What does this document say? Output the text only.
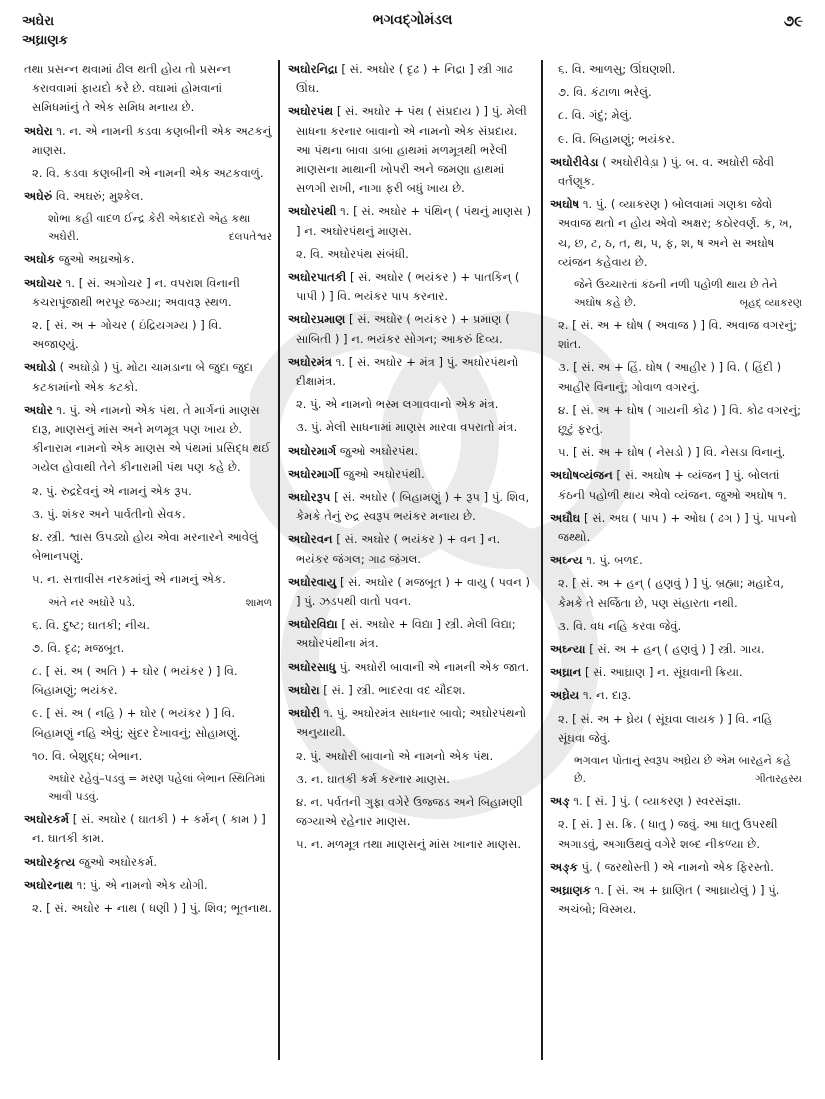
અઘેરા
અઘ્રાણક
ભગવદ્ગોમંડલ	૭૯
તથા પ્રસન્ન થવામાં ઢીલ થતી હોય તો પ્રસન્ન કરાવવામાં ફાયદો કરે છે. વઘામાં હોમવાનાં સમિધમાંનું તે એક સમિધ મનાય છે.
અઘેરા ૧. ન. એ નામની કડવા કણબીની એક અટકનું માણસ.
૨. વિ. કડવા કણબીની એ નામની એક અટકવાળું.
અઘેરું વિ. અઘરું; મુશ્કેલ.
શોભા કહી વાદળ ઈન્દ્ર કેરી એકાદરો એહ કથા અઘેરી.	દલપતેશ્વર
અઘોક જુઓ અઘ્રઓક.
અઘોચર ૧. [ સં. અગોચર ] ન. વપરાશ વિનાની કચરાપૂંજાથી ભરપૂર જગ્યા; અવાવરૂ સ્થળ.
૨. [ સં. અ + ગોચર ( ઇંદ્રિયગમ્ય ) ] વિ. અજાણ્યું.
અઘોડો ( અઘોડ઼ો ) પું. મોટા ચામડાના બે જુદા જુદા કટકામાંનો એક કટકો.
અઘોર ૧. પું. એ નામનો એક પંથ. તે માર્ગનાં માણસ દારૂ, માણસનું માંસ અને મળમૂત્ર પણ ખાય છે. કીનારામ નામનો એક માણસ એ પંથમાં પ્રસિદ્ધ થઈ ગયેલ હોવાથી તેને કીનારામી પંથ પણ કહે છે.
૨. પું. રુદ્રદેવનું એ નામનું એક રૂપ.
૩. પું. શંકર અને પાર્વતીનો સેવક.
૪. સ્ત્રી. શ્વાસ ઉપડ્યો હોય એવા મરનારને આવેલું બેભાનપણું.
૫. ન. સત્તાવીસ નરકમાંનું એ નામનું એક.
અંતે નર અઘોરે પડે.	શામળ
૬. વિ. દુષ્ટ; ઘાતકી; નીચ.
૭. વિ. દૃઢ; મજબૂત.
૮. [ સં. અ ( અતિ ) + ઘોર ( ભયંકર ) ] વિ. બિહામણું; ભયંકર.
૯. [ સં. અ ( નહિ ) + ઘોર ( ભયંકર ) ] વિ. બિહામણું નહિ એવું; સુંદર દેખાવનું; સોહામણું.
૧૦. વિ. બેશુદ્ધ; બેભાન.
અઘોર રહેવું–પડવું = મરણ પહેલાં બેભાન સ્થિતિમાં આવી પડવું.
અઘોરકર્મ [ સં. અઘોર ( ઘાતકી ) + કર્મન્ ( કામ ) ] ન. ઘાતકી કામ.
અઘોરકૃત્ય જુઓ અઘોરકર્મ.
અઘોરનાથ ૧: પું. એ નામનો એક યોગી.
૨. [ સં. અઘોર + નાથ ( ધણી ) ] પું. શિવ; ભૂતનાથ.
અઘોરનિદ્રા [ સં. અઘોર ( દૃઢ ) + નિદ્રા ] સ્ત્રી ગાઢ ઊંઘ.
અઘોરપંથ [ સં. અઘોર + પંથ ( સંપ્રદાય ) ] પું. મેલી સાધના કરનાર બાવાનો એ નામનો એક સંપ્રદાય. આ પંથના બાવા ડાબા હાથમાં મળમૂત્રથી ભરેલી માણસના માથાની ખોપરી અને જમણા હાથમાં સળગી રાખી, નાગા ફરી બધું ખાય છે.
અઘોરપંથી ૧. [ સં. અઘોર + પંથિન્ ( પંથનું માણસ ) ] ન. અઘોરપંથનું માણસ.
૨. વિ. અઘોરપંથ સંબંધી.
અઘોરપાતકી [ સં. અઘોર ( ભયંકર ) + પાતકિન્ ( પાપી ) ] વિ. ભયંકર પાપ કરનાર.
અઘોરપ્રમાણ [ સં. અઘોર ( ભયંકર ) + પ્રમાણ ( સાબિતી ) ] ન. ભયંકર સોગન; આકરું દિવ્ય.
અઘોરમંત્ર ૧. [ સં. અઘોર + મંત્ર ] પું. અઘોરપંથનો દીક્ષામંત્ર.
૨. પું. એ નામનો ભસ્મ લગાવવાનો એક મંત્ર.
૩. પું. મેલી સાધનામાં માણસ મારવા વપરાતો મંત્ર.
અઘોરમાર્ગ જુઓ અઘોરપંથ.
અઘોરમાર્ગી જુઓ અઘોરપંથી.
અઘોરરૂપ [ સં. અઘોર ( બિહામણું ) + રૂપ ] પું. શિવ, કેમકે તેનું રુદ્ર સ્વરૂપ ભયંકર મનાય છે.
અઘોરવન [ સં. અઘોર ( ભયંકર ) + વન ] ન. ભયંકર જંગલ; ગાઢ જંગલ.
અઘોરવાયુ [ સં. અઘોર ( મજબૂત ) + વાયુ ( પવન ) ] પું. ઝડપથી વાતો પવન.
અઘોરવિદ્યા [ સં. અઘોર + વિદ્યા ] સ્ત્રી. મેલી વિદ્યા; અઘોરપંથીના મંત્ર.
અઘોરસાધુ પું. અઘોરી બાવાની એ નામની એક જાત.
અઘોરા [ સં. ] સ્ત્રી. ભાદરવા વદ ચૌદશ.
અઘોરી ૧. પું. અઘોરમંત્ર સાધનાર બાવો; અઘોરપંથનો અનુયાયી.
૨. પું. અઘોરી બાવાનો એ નામનો એક પંથ.
૩. ન. ઘાતકી કર્મ કરનાર માણસ.
૪. ન. પર્વતની ગુફા વગેરે ઉજ્જડ અને બિહામણી જગ્યાએ રહેનાર માણસ.
૫. ન. મળમૂત્ર તથા માણસનું માંસ ખાનાર માણસ.
૬. વિ. આળસુ; ઊંઘણશી.
૭. વિ. કંટાળા ભરેલું.
૮. વિ. ગંદું; મેલું.
૯. વિ. બિહામણું; ભયંકર.
અઘોરીવેડા ( અઘોરીવેડ઼ા ) પું. બ. વ. અઘોરી જેવી વર્તણૂક.
અઘોષ ૧. પું. ( વ્યાકરણ ) બોલવામાં ગણકા જેવો અવાજ થતો ન હોય એવો અક્ષર; કઠોરવર્ણ. ક, ખ, ચ, છ, ટ, ઠ, ત, થ, પ, ફ, શ, ષ અને સ અઘોષ વ્યંજન કહેવાય છે.
જેને ઉચ્ચારતાં કંઠની નળી પહોળી થાય છે તેને અઘોષ કહે છે.	બૃહદ્ વ્યાકરણ
૨. [ સં. અ + ઘોષ ( અવાજ ) ] વિ. અવાજ વગરનું; શાંત.
૩. [ સં. અ + હિં. ઘોષ ( આહીર ) ] વિ. ( હિંદી ) આહીર વિનાનું; ગોવાળ વગરનું.
૪. [ સં. અ + ઘોષ ( ગાયની કોઢ ) ] વિ. કોઢ વગરનું; છૂટું ફરતું.
૫. [ સં. અ + ઘોષ ( નેસડો ) ] વિ. નેસડા વિનાનું.
અઘોષવ્યંજન [ સં. અઘોષ + વ્યંજન ] પું. બોલતાં કંઠની પહોળી થાય એવો વ્યંજન. જુઓ અઘોષ ૧.
અઘૌઘ [ સં. અઘ ( પાપ ) + ઓઘ ( ઢગ ) ] પું. પાપનો જથ્થો.
અઘ્ન્ય ૧. પું. બળદ.
૨. [ સં. અ + હન્ ( હણવું ) ] પું. બ્રહ્મા; મહાદેવ, કેમકે તે સર્જિતા છે, પણ સંહારતા નથી.
૩. વિ. વધ નહિ કરવા જેવું.
અઘ્ન્યા [ સં. અ + હન્ ( હણવું ) ] સ્ત્રી. ગાય.
અઘ્રાન [ સં. આઘ્રાણ ] ન. સૂંઘવાની ક્રિયા.
અઘ્રેય ૧. ન. દારૂ.
૨. [ સં. અ + ઘ્રેય ( સૂંઘવા લાયક ) ] વિ. નહિ સૂંઘવા જેવું.
ભગવાન પોતાનું સ્વરૂપ અઘ્રેય છે એમ બારહને કહે છે.	ગીતારહસ્ય
અઙ્ ૧. [ સં. ] પું. ( વ્યાકરણ ) સ્વરસંજ્ઞા.
૨. [ સં. ] સ. ક્રિ. ( ધાતુ ) જવું. આ ધાતુ ઉપરથી અગાડવું, અગાઉથવું વગેરે શબ્દ નીકળ્યા છે.
અઙ્ક પું. ( જરથોસ્તી ) એ નામનો એક ફિરસ્તો.
અઘ્રાણક ૧. [ સં. અ + ઘ્રાણિત ( આઘ્રાયેલું ) ] પું. અચંબો; વિસ્મય.
